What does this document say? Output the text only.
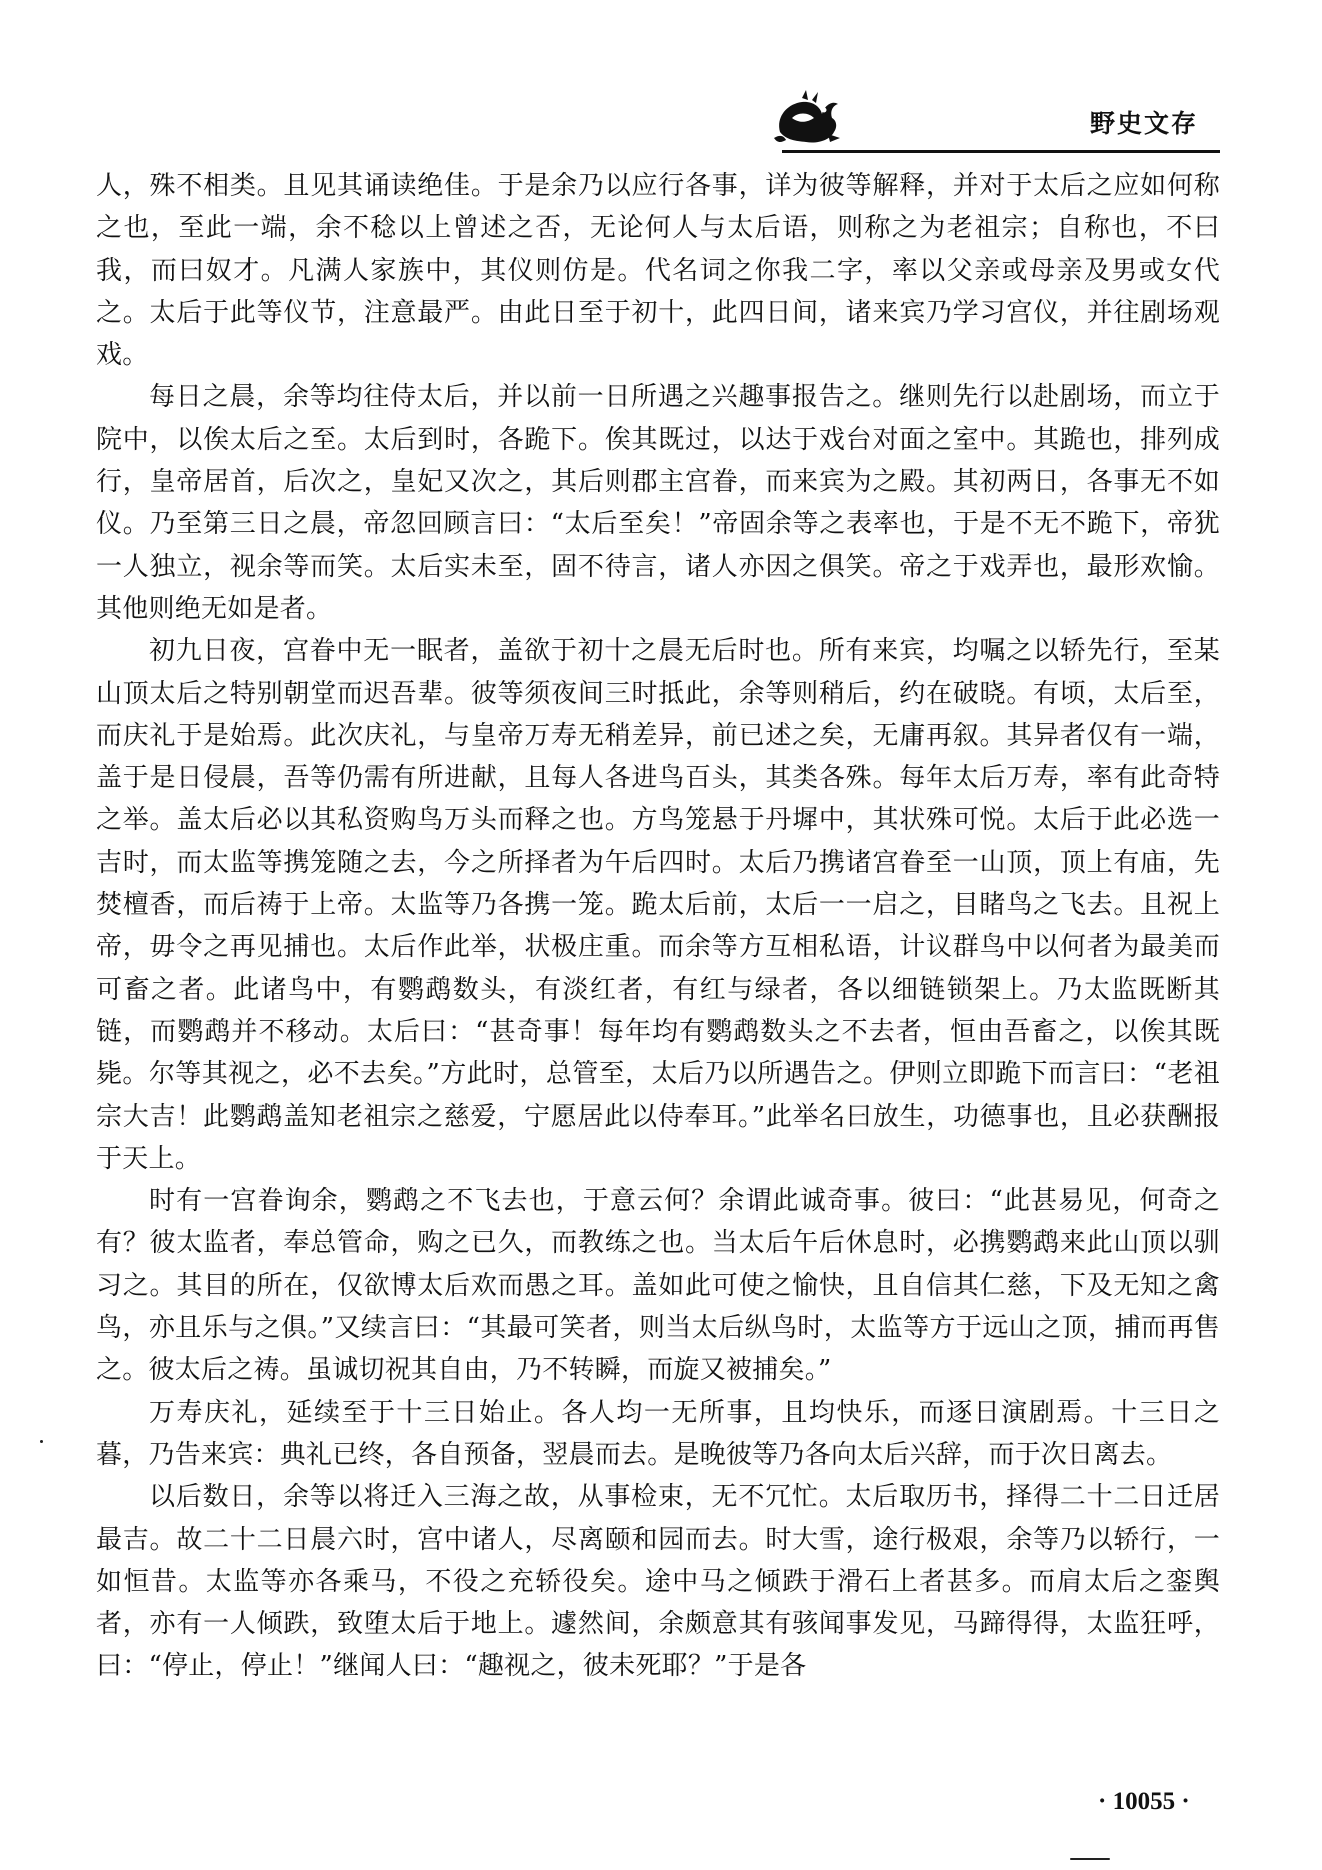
野史文存

人，殊不相类。且见其诵读绝佳。于是余乃以应行各事，详为彼等解释，并对于太后之应如何称之也，至此一端，余不稔以上曾述之否，无论何人与太后语，则称之为老祖宗；自称也，不曰我，而曰奴才。凡满人家族中，其仪则仿是。代名词之你我二字，率以父亲或母亲及男或女代之。太后于此等仪节，注意最严。由此日至于初十，此四日间，诸来宾乃学习宫仪，并往剧场观戏。

每日之晨，余等均往侍太后，并以前一日所遇之兴趣事报告之。继则先行以赴剧场，而立于院中，以俟太后之至。太后到时，各跪下。俟其既过，以达于戏台对面之室中。其跪也，排列成行，皇帝居首，后次之，皇妃又次之，其后则郡主宫眷，而来宾为之殿。其初两日，各事无不如仪。乃至第三日之晨，帝忽回顾言曰：“太后至矣！”帝固余等之表率也，于是不无不跪下，帝犹一人独立，视余等而笑。太后实未至，固不待言，诸人亦因之俱笑。帝之于戏弄也，最形欢愉。其他则绝无如是者。

初九日夜，宫眷中无一眠者，盖欲于初十之晨无后时也。所有来宾，均嘱之以轿先行，至某山顶太后之特别朝堂而迟吾辈。彼等须夜间三时抵此，余等则稍后，约在破晓。有顷，太后至，而庆礼于是始焉。此次庆礼，与皇帝万寿无稍差异，前已述之矣，无庸再叙。其异者仅有一端，盖于是日侵晨，吾等仍需有所进献，且每人各进鸟百头，其类各殊。每年太后万寿，率有此奇特之举。盖太后必以其私资购鸟万头而释之也。方鸟笼悬于丹墀中，其状殊可悦。太后于此必选一吉时，而太监等携笼随之去，今之所择者为午后四时。太后乃携诸宫眷至一山顶，顶上有庙，先焚檀香，而后祷于上帝。太监等乃各携一笼。跪太后前，太后一一启之，目睹鸟之飞去。且祝上帝，毋令之再见捕也。太后作此举，状极庄重。而余等方互相私语，计议群鸟中以何者为最美而可畜之者。此诸鸟中，有鹦鹉数头，有淡红者，有红与绿者，各以细链锁架上。乃太监既断其链，而鹦鹉并不移动。太后曰：“甚奇事！每年均有鹦鹉数头之不去者，恒由吾畜之，以俟其既毙。尔等其视之，必不去矣。”方此时，总管至，太后乃以所遇告之。伊则立即跪下而言曰：“老祖宗大吉！此鹦鹉盖知老祖宗之慈爱，宁愿居此以侍奉耳。”此举名曰放生，功德事也，且必获酬报于天上。

时有一宫眷询余，鹦鹉之不飞去也，于意云何？余谓此诚奇事。彼曰：“此甚易见，何奇之有？彼太监者，奉总管命，购之已久，而教练之也。当太后午后休息时，必携鹦鹉来此山顶以驯习之。其目的所在，仅欲博太后欢而愚之耳。盖如此可使之愉快，且自信其仁慈，下及无知之禽鸟，亦且乐与之俱。”又续言曰：“其最可笑者，则当太后纵鸟时，太监等方于远山之顶，捕而再售之。彼太后之祷。虽诚切祝其自由，乃不转瞬，而旋又被捕矣。”

万寿庆礼，延续至于十三日始止。各人均一无所事，且均快乐，而逐日演剧焉。十三日之暮，乃告来宾：典礼已终，各自预备，翌晨而去。是晚彼等乃各向太后兴辞，而于次日离去。

以后数日，余等以将迁入三海之故，从事检束，无不冗忙。太后取历书，择得二十二日迁居最吉。故二十二日晨六时，宫中诸人，尽离颐和园而去。时大雪，途行极艰，余等乃以轿行，一如恒昔。太监等亦各乘马，不役之充轿役矣。途中马之倾跌于滑石上者甚多。而肩太后之銮舆者，亦有一人倾跌，致堕太后于地上。遽然间，余颇意其有骇闻事发见，马蹄得得，太监狂呼，曰：“停止，停止！”继闻人曰：“趣视之，彼未死耶？”于是各

· 10055 ·
